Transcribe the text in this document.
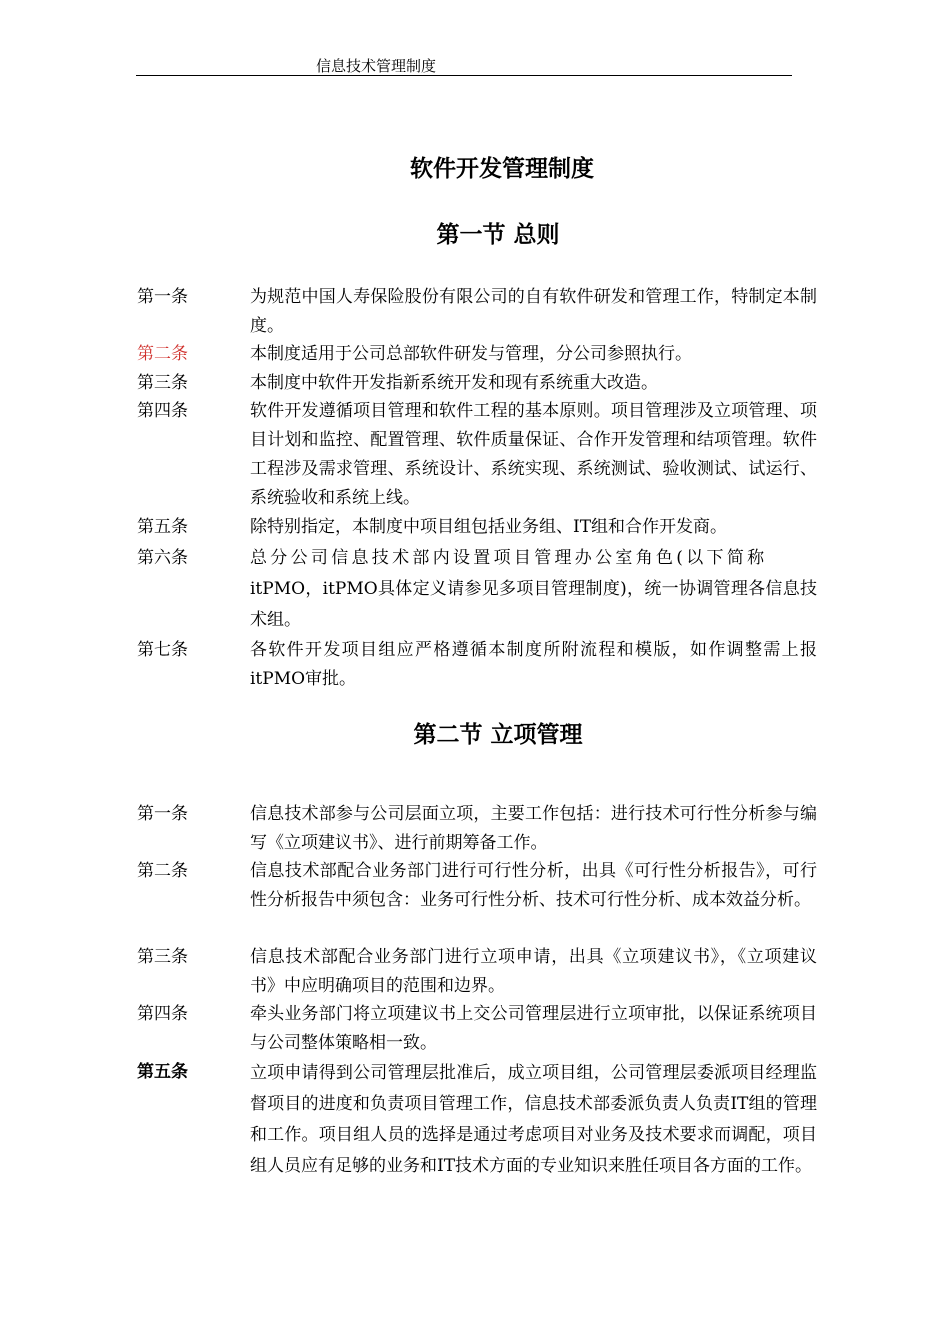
信息技术管理制度
软件开发管理制度
第一节 总则
第一条	为规范中国人寿保险股份有限公司的自有软件研发和管理工作，特制定本制度。
第二条	本制度适用于公司总部软件研发与管理，分公司参照执行。
第三条	本制度中软件开发指新系统开发和现有系统重大改造。
第四条	软件开发遵循项目管理和软件工程的基本原则。项目管理涉及立项管理、项目计划和监控、配置管理、软件质量保证、合作开发管理和结项管理。软件工程涉及需求管理、系统设计、系统实现、系统测试、验收测试、试运行、系统验收和系统上线。
第五条	除特别指定，本制度中项目组包括业务组、IT组和合作开发商。
第六条	总分公司信息技术部内设置项目管理办公室角色(以下简称
itPMO，itPMO具体定义请参见多项目管理制度)，统一协调管理各信息技术组。
第七条	各软件开发项目组应严格遵循本制度所附流程和模版，如作调整需上报itPMO审批。
第二节 立项管理
第一条	信息技术部参与公司层面立项，主要工作包括：进行技术可行性分析参与编写《立项建议书》、进行前期筹备工作。
第二条	信息技术部配合业务部门进行可行性分析，出具《可行性分析报告》，可行性分析报告中须包含：业务可行性分析、技术可行性分析、成本效益分析。
第三条	信息技术部配合业务部门进行立项申请，出具《立项建议书》，《立项建议书》中应明确项目的范围和边界。
第四条	牵头业务部门将立项建议书上交公司管理层进行立项审批，以保证系统项目与公司整体策略相一致。
第五条	立项申请得到公司管理层批准后，成立项目组，公司管理层委派项目经理监督项目的进度和负责项目管理工作，信息技术部委派负责人负责IT组的管理和工作。项目组人员的选择是通过考虑项目对业务及技术要求而调配，项目组人员应有足够的业务和IT技术方面的专业知识来胜任项目各方面的工作。
